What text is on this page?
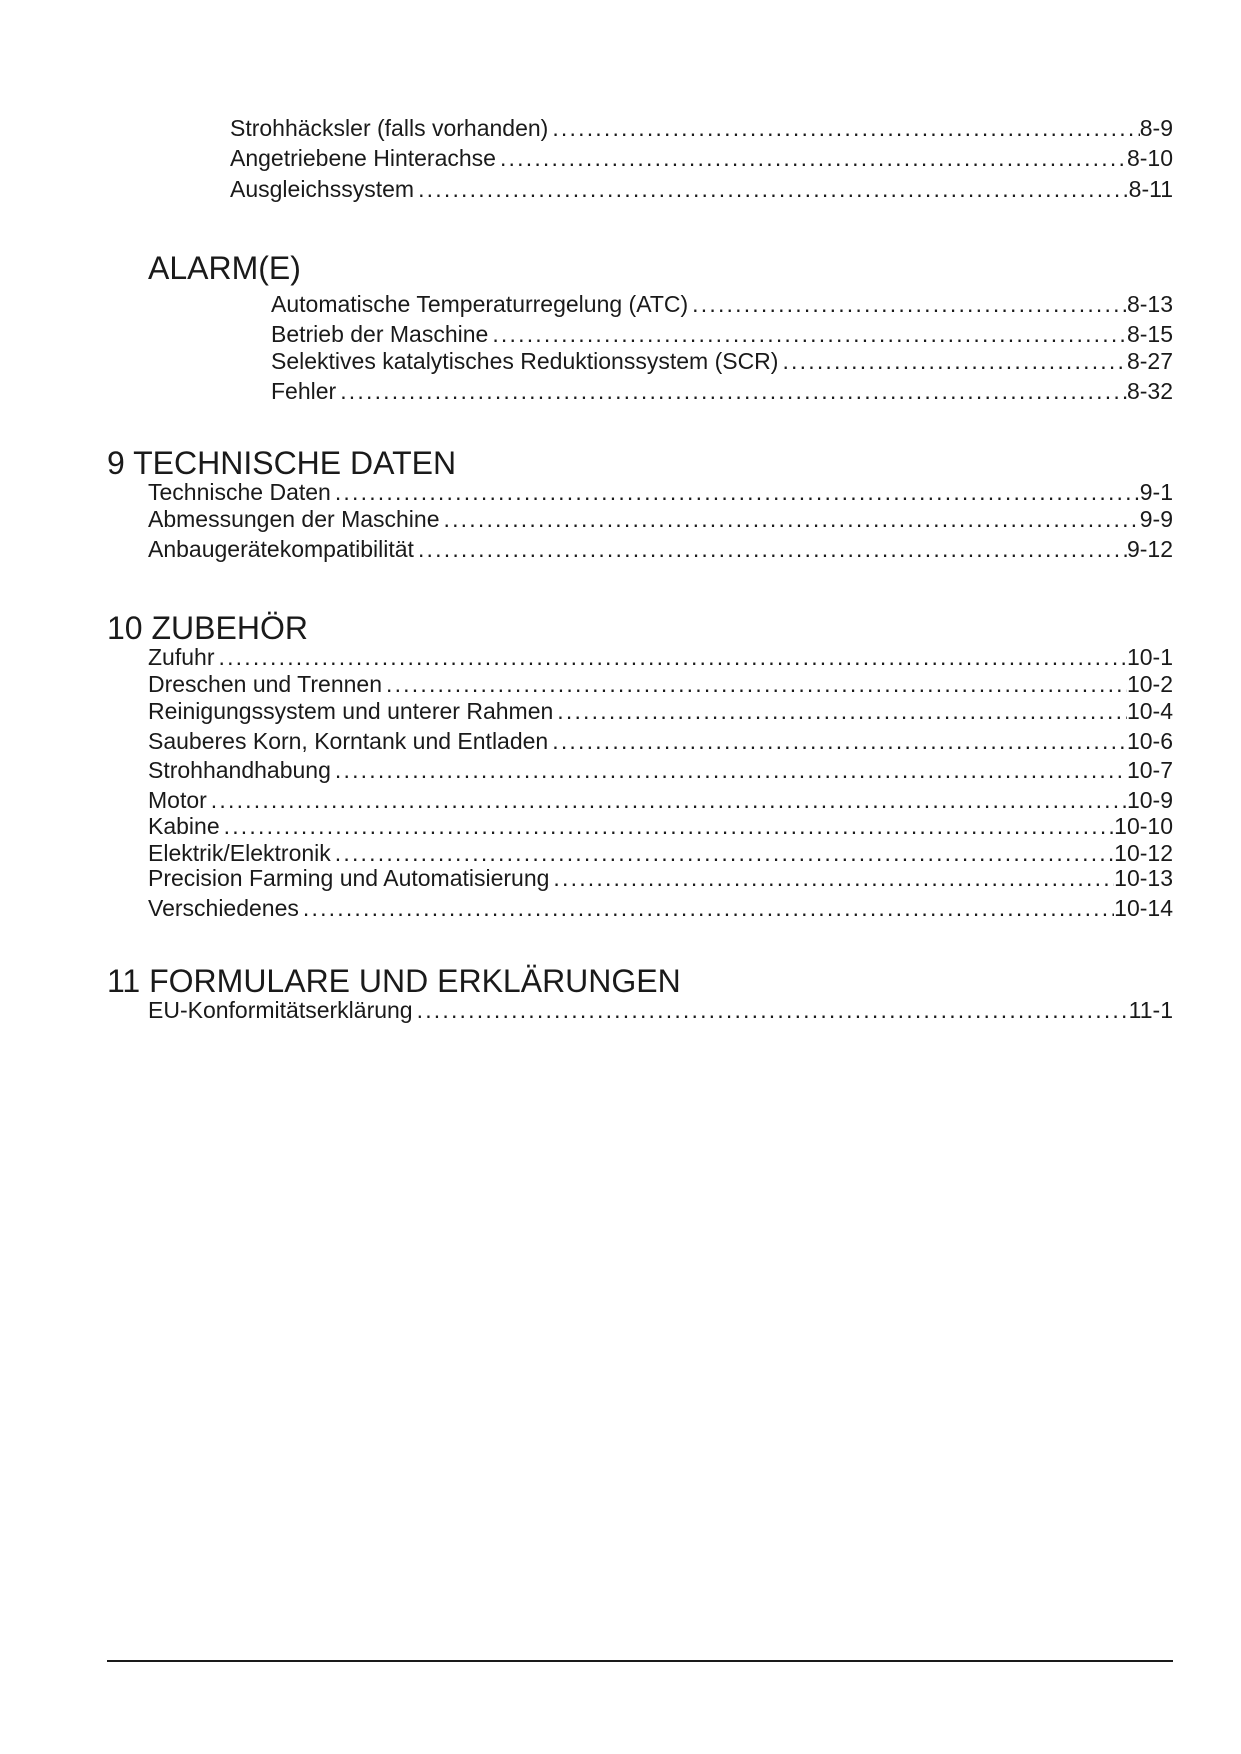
Strohhäcksler (falls vorhanden) .....	8-9
Angetriebene Hinterachse .....	8-10
Ausgleichssystem .....	8-11
ALARM(E)
Automatische Temperaturregelung (ATC) .....	8-13
Betrieb der Maschine .....	8-15
Selektives katalytisches Reduktionssystem (SCR) .....	8-27
Fehler .....	8-32
9 TECHNISCHE DATEN
Technische Daten .....	9-1
Abmessungen der Maschine .....	9-9
Anbaugerätekompatibilität .....	9-12
10 ZUBEHÖR
Zufuhr .....	10-1
Dreschen und Trennen .....	10-2
Reinigungssystem und unterer Rahmen .....	10-4
Sauberes Korn, Korntank und Entladen .....	10-6
Strohhandhabung .....	10-7
Motor .....	10-9
Kabine .....	10-10
Elektrik/Elektronik .....	10-12
Precision Farming und Automatisierung .....	10-13
Verschiedenes .....	10-14
11 FORMULARE UND ERKLÄRUNGEN
EU-Konformitätserklärung .....	11-1
